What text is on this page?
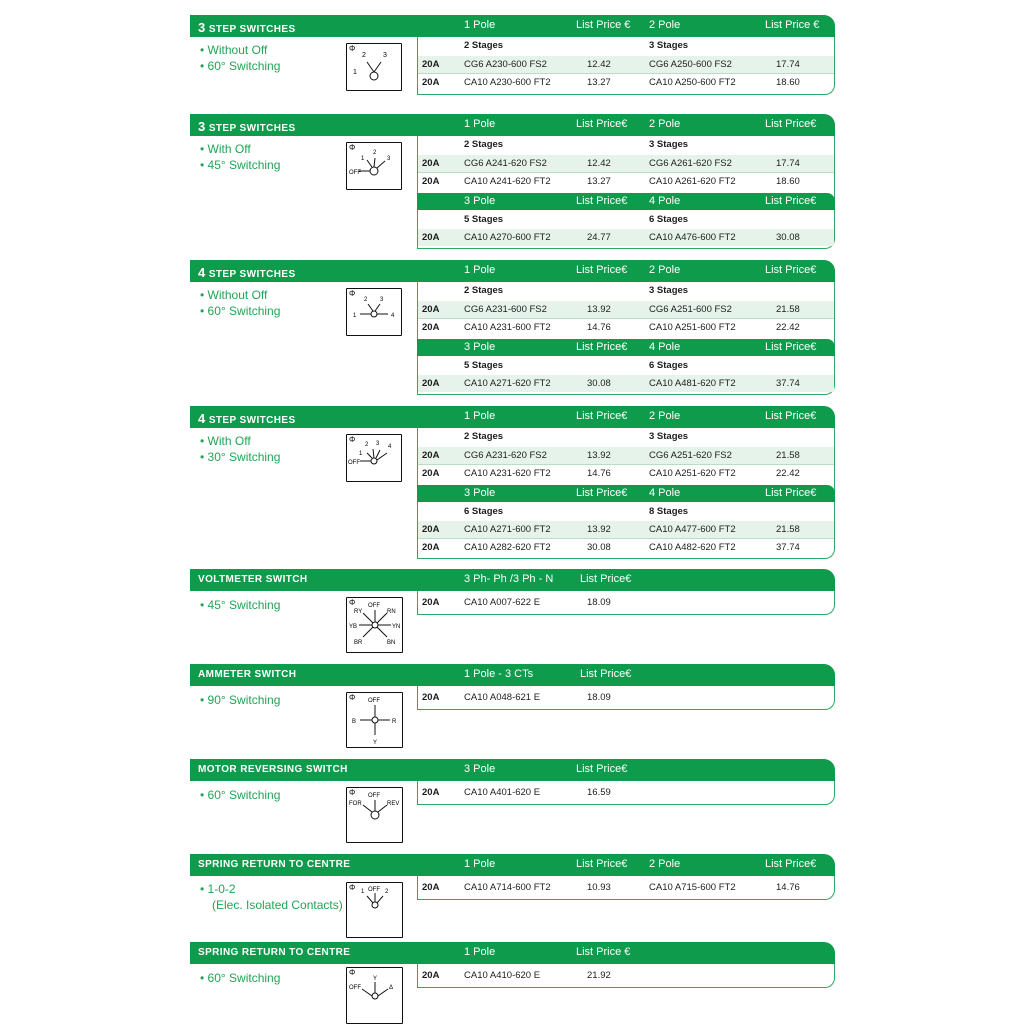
3 STEP SWITCHES	1 Pole	List Price € 2 Pole	List Price €
• Without Off
• 60° Switching
Φ
2 3
1
2 Stages	3 Stages
20A	CG6 A230-600 FS2	12.42	CG6 A250-600 FS2	17.74
20A	CA10 A230-600 FT2	13.27	CA10 A250-600 FT2	18.60
3 STEP SWITCHES	1 Pole	List Price€ 2 Pole	List Price€
• With Off
• 45° Switching
Φ
OFF
1
2
3
2 Stages	3 Stages
20A	CG6 A241-620 FS2	12.42	CG6 A261-620 FS2	17.74
20A	CA10 A241-620 FT2	13.27	CA10 A261-620 FT2	18.60
3 Pole	List Price€ 4 Pole	List Price€
5 Stages	6 Stages
20A	CA10 A270-600 FT2	24.77	CA10 A476-600 FT2	30.08
4 STEP SWITCHES	1 Pole	List Price€ 2 Pole	List Price€
• Without Off
• 60° Switching
Φ
1
2 3
4
2 Stages	3 Stages
20A	CG6 A231-600 FS2	13.92	CG6 A251-600 FS2	21.58
20A	CA10 A231-600 FT2	14.76	CA10 A251-600 FT2	22.42
3 Pole	List Price€ 4 Pole	List Price€
5 Stages	6 Stages
20A	CA10 A271-620 FT2	30.08	CA10 A481-620 FT2	37.74
4 STEP SWITCHES	1 Pole	List Price€ 2 Pole	List Price€
• With Off
• 30° Switching
Φ
OFF
1
2 3 4
2 Stages	3 Stages
20A	CG6 A231-620 FS2	13.92	CG6 A251-620 FS2	21.58
20A	CA10 A231-620 FT2	14.76	CA10 A251-620 FT2	22.42
3 Pole	List Price€ 4 Pole	List Price€
6 Stages	8 Stages
20A	CA10 A271-600 FT2	13.92	CA10 A477-600 FT2	21.58
20A	CA10 A282-620 FT2	30.08	CA10 A482-620 FT2	37.74
VOLTMETER SWITCH	3 Ph- Ph /3 Ph - N List Price€
• 45° Switching	Φ OFF
RY	RN
YB	YN
BR	BN
20A	CA10 A007-622 E	18.09
AMMETER SWITCH	1 Pole - 3 CTs	List Price€
• 90° Switching	Φ OFF
B	R
Y
20A	CA10 A048-621 E	18.09
MOTOR REVERSING SWITCH	3 Pole	List Price€
• 60° Switching	Φ OFF
FOR	REV
20A	CA10 A401-620 E	16.59
SPRING RETURN TO CENTRE	1 Pole	List Price€ 2 Pole	List Price€
• 1-0-2
(Elec. Isolated Contacts)
Φ OFF
1	2	20A	CA10 A714-600 FT2	10.93	CA10 A715-600 FT2	14.76
SPRING RETURN TO CENTRE	1 Pole	List Price €
• 60° Switching	Φ
Y
OFF	Δ
20A	CA10 A410-620 E	21.92
